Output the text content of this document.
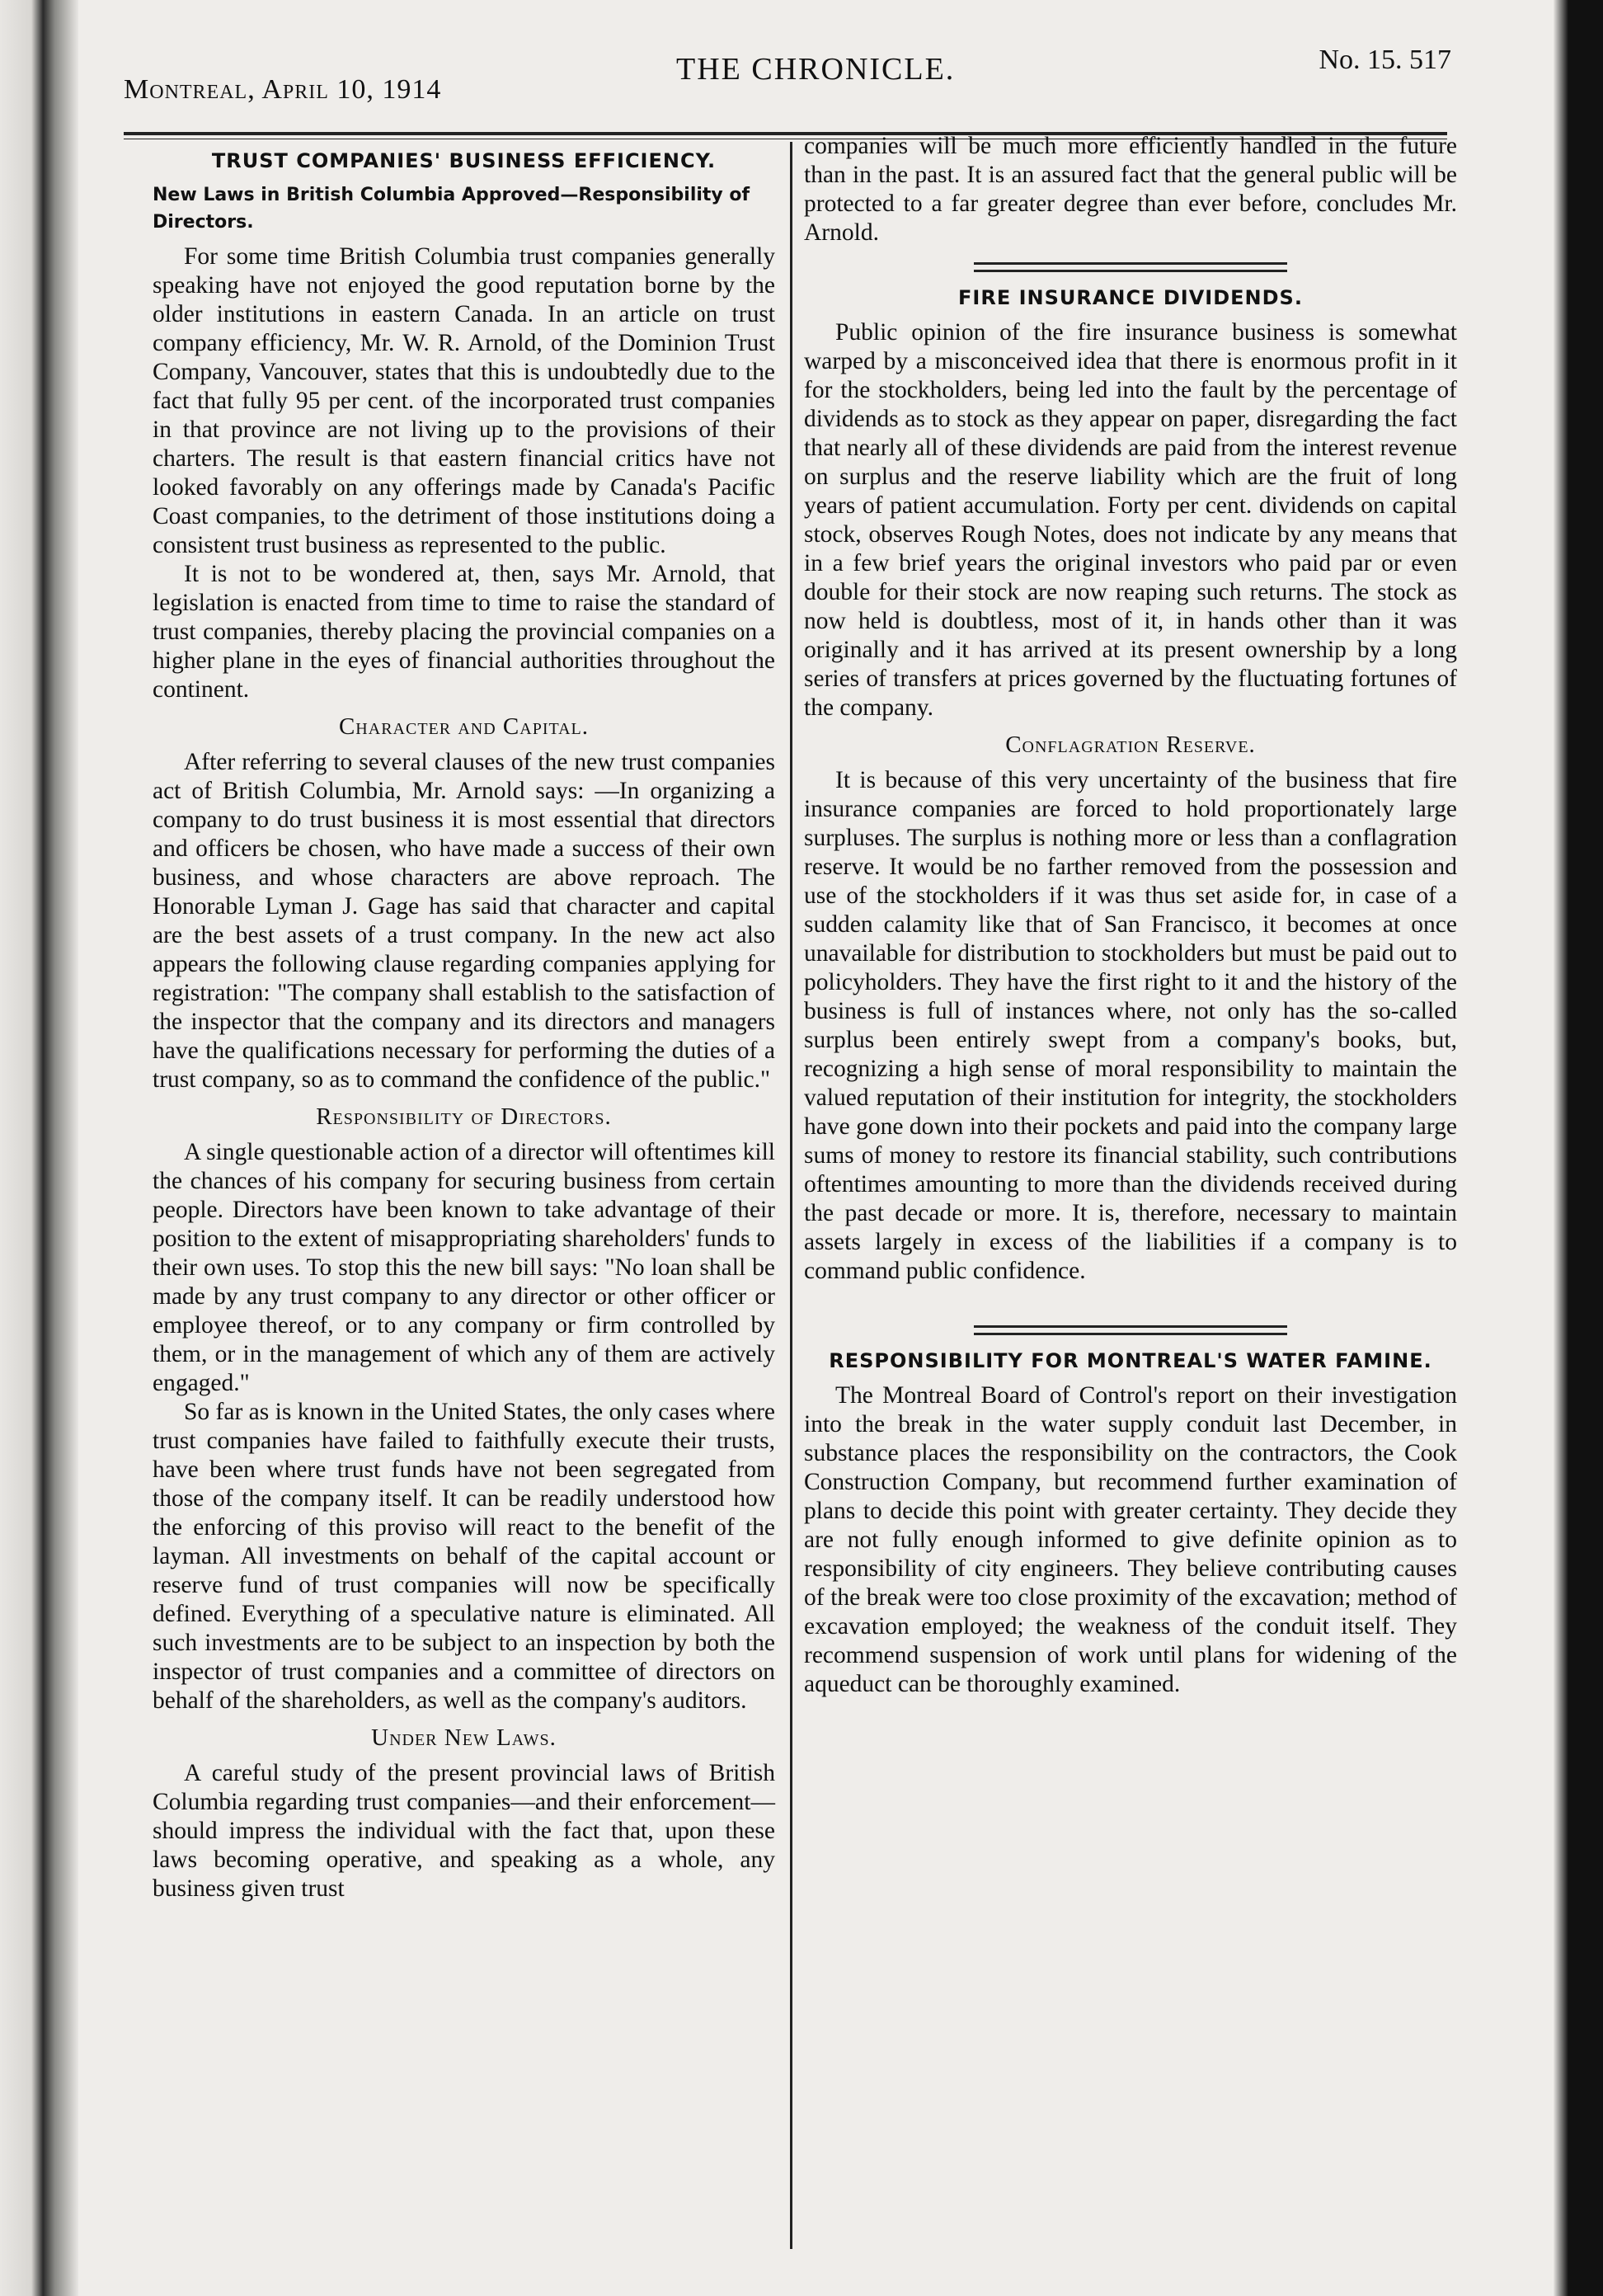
Montreal, April 10, 1914
THE CHRONICLE.	No. 15. 517
TRUST COMPANIES' BUSINESS EFFICIENCY.
New Laws in British Columbia Approved—Responsibility of Directors.

For some time British Columbia trust companies generally speaking have not enjoyed the good reputation borne by the older institutions in eastern Canada. In an article on trust company efficiency, Mr. W. R. Arnold, of the Dominion Trust Company, Vancouver, states that this is undoubtedly due to the fact that fully 95 per cent. of the incorporated trust companies in that province are not living up to the provisions of their charters. The result is that eastern financial critics have not looked favorably on any offerings made by Canada's Pacific Coast companies, to the detriment of those institutions doing a consistent trust business as represented to the public.

It is not to be wondered at, then, says Mr. Arnold, that legislation is enacted from time to time to raise the standard of trust companies, thereby placing the provincial companies on a higher plane in the eyes of financial authorities throughout the continent.

Character and Capital.

After referring to several clauses of the new trust companies act of British Columbia, Mr. Arnold says: —In organizing a company to do trust business it is most essential that directors and officers be chosen, who have made a success of their own business, and whose characters are above reproach. The Honorable Lyman J. Gage has said that character and capital are the best assets of a trust company. In the new act also appears the following clause regarding companies applying for registration: "The company shall establish to the satisfaction of the inspector that the company and its directors and managers have the qualifications necessary for performing the duties of a trust company, so as to command the confidence of the public."

Responsibility of Directors.

A single questionable action of a director will oftentimes kill the chances of his company for securing business from certain people. Directors have been known to take advantage of their position to the extent of misappropriating shareholders' funds to their own uses. To stop this the new bill says: "No loan shall be made by any trust company to any director or other officer or employee thereof, or to any company or firm controlled by them, or in the management of which any of them are actively engaged."

So far as is known in the United States, the only cases where trust companies have failed to faithfully execute their trusts, have been where trust funds have not been segregated from those of the company itself. It can be readily understood how the enforcing of this proviso will react to the benefit of the layman. All investments on behalf of the capital account or reserve fund of trust companies will now be specifically defined. Everything of a speculative nature is eliminated. All such investments are to be subject to an inspection by both the inspector of trust companies and a committee of directors on behalf of the shareholders, as well as the company's auditors.

Under New Laws.

A careful study of the present provincial laws of British Columbia regarding trust companies—and their enforcement—should impress the individual with the fact that, upon these laws becoming operative, and speaking as a whole, any business given trust

companies will be much more efficiently handled in the future than in the past. It is an assured fact that the general public will be protected to a far greater degree than ever before, concludes Mr. Arnold.

FIRE INSURANCE DIVIDENDS.

Public opinion of the fire insurance business is somewhat warped by a misconceived idea that there is enormous profit in it for the stockholders, being led into the fault by the percentage of dividends as to stock as they appear on paper, disregarding the fact that nearly all of these dividends are paid from the interest revenue on surplus and the reserve liability which are the fruit of long years of patient accumulation. Forty per cent. dividends on capital stock, observes Rough Notes, does not indicate by any means that in a few brief years the original investors who paid par or even double for their stock are now reaping such returns. The stock as now held is doubtless, most of it, in hands other than it was originally and it has arrived at its present ownership by a long series of transfers at prices governed by the fluctuating fortunes of the company.

Conflagration Reserve.

It is because of this very uncertainty of the business that fire insurance companies are forced to hold proportionately large surpluses. The surplus is nothing more or less than a conflagration reserve. It would be no farther removed from the possession and use of the stockholders if it was thus set aside for, in case of a sudden calamity like that of San Francisco, it becomes at once unavailable for distribution to stockholders but must be paid out to policyholders. They have the first right to it and the history of the business is full of instances where, not only has the so-called surplus been entirely swept from a company's books, but, recognizing a high sense of moral responsibility to maintain the valued reputation of their institution for integrity, the stockholders have gone down into their pockets and paid into the company large sums of money to restore its financial stability, such contributions oftentimes amounting to more than the dividends received during the past decade or more. It is, therefore, necessary to maintain assets largely in excess of the liabilities if a company is to command public confidence.

RESPONSIBILITY FOR MONTREAL'S WATER FAMINE.

The Montreal Board of Control's report on their investigation into the break in the water supply conduit last December, in substance places the responsibility on the contractors, the Cook Construction Company, but recommend further examination of plans to decide this point with greater certainty. They decide they are not fully enough informed to give definite opinion as to responsibility of city engineers. They believe contributing causes of the break were too close proximity of the excavation; method of excavation employed; the weakness of the conduit itself. They recommend suspension of work until plans for widening of the aqueduct can be thoroughly examined.
